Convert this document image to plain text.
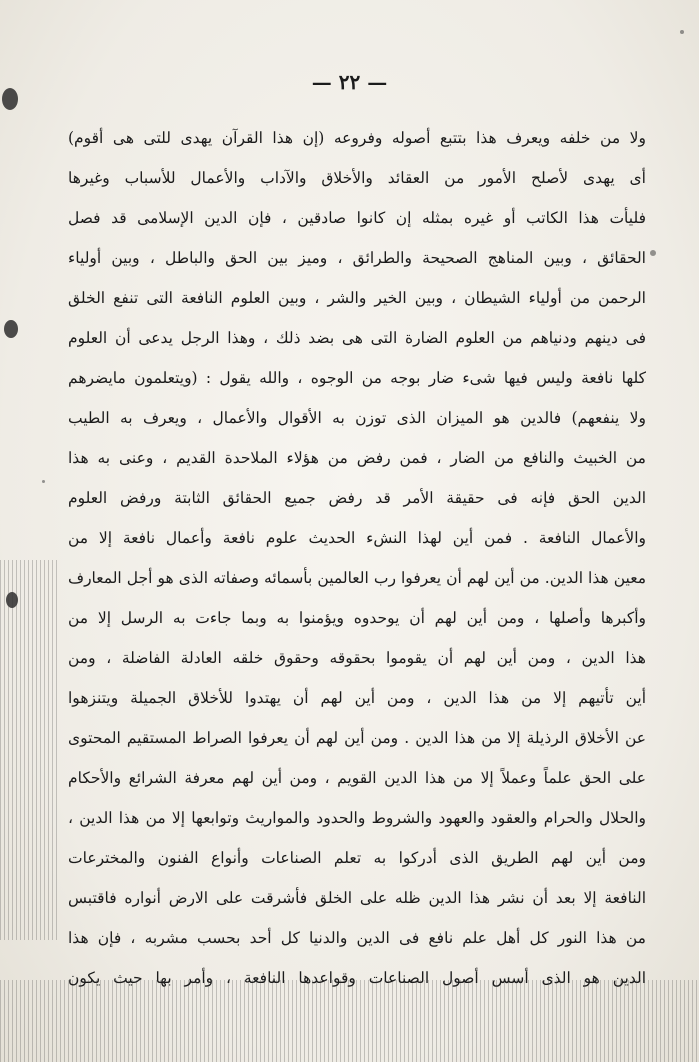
— ٢٢ —
ولا من خلفه ويعرف هذا بتتبع أصوله وفروعه (إن هذا القرآن يهدى للتى هى أقوم)
أى يهدى لأصلح الأمور من العقائد والأخلاق والآداب والأعمال للأسباب وغيرها
فليأت هذا الكاتب أو غيره بمثله إن كانوا صادقين ، فإن الدين الإسلامى قد فصل
الحقائق ، وبين المناهج الصحيحة والطرائق ، وميز بين الحق والباطل ، وبين أولياء
الرحمن من أولياء الشيطان ، وبين الخير والشر ، وبين العلوم النافعة التى تنفع الخلق
فى دينهم ودنياهم من العلوم الضارة التى هى بضد ذلك ، وهذا الرجل يدعى أن العلوم
كلها نافعة وليس فيها شىء ضار بوجه من الوجوه ، والله يقول : (ويتعلمون مايضرهم
ولا ينفعهم) فالدين هو الميزان الذى توزن به الأقوال والأعمال ، ويعرف به الطيب
من الخبيث والنافع من الضار ، فمن رفض من هؤلاء الملاحدة القديم ، وعنى به هذا
الدين الحق فإنه فى حقيقة الأمر قد رفض جميع الحقائق الثابتة ورفض العلوم
والأعمال النافعة . فمن أين لهذا النشء الحديث علوم نافعة وأعمال نافعة إلا من
معين هذا الدين. من أين لهم أن يعرفوا رب العالمين بأسمائه وصفاته الذى هو أجل المعارف
وأكبرها وأصلها ، ومن أين لهم أن يوحدوه ويؤمنوا به وبما جاءت به الرسل إلا من
هذا الدين ، ومن أين لهم أن يقوموا بحقوقه وحقوق خلقه العادلة الفاضلة ، ومن
أين تأتيهم إلا من هذا الدين ، ومن أين لهم أن يهتدوا للأخلاق الجميلة ويتنزهوا
عن الأخلاق الرذيلة إلا من هذا الدين . ومن أين لهم أن يعرفوا الصراط المستقيم المحتوى
على الحق علماً وعملاً إلا من هذا الدين القويم ، ومن أين لهم معرفة الشرائع والأحكام
والحلال والحرام والعقود والعهود والشروط والحدود والمواريث وتوابعها إلا من هذا الدين ،
ومن أين لهم الطريق الذى أدركوا به تعلم الصناعات وأنواع الفنون والمخترعات
النافعة إلا بعد أن نشر هذا الدين ظله على الخلق فأشرقت على الارض أنواره فاقتبس
من هذا النور كل أهل علم نافع فى الدين والدنيا كل أحد بحسب مشربه ، فإن هذا
الدين هو الذى أسس أصول الصناعات وقواعدها النافعة ، وأمر بها حيث يكون
